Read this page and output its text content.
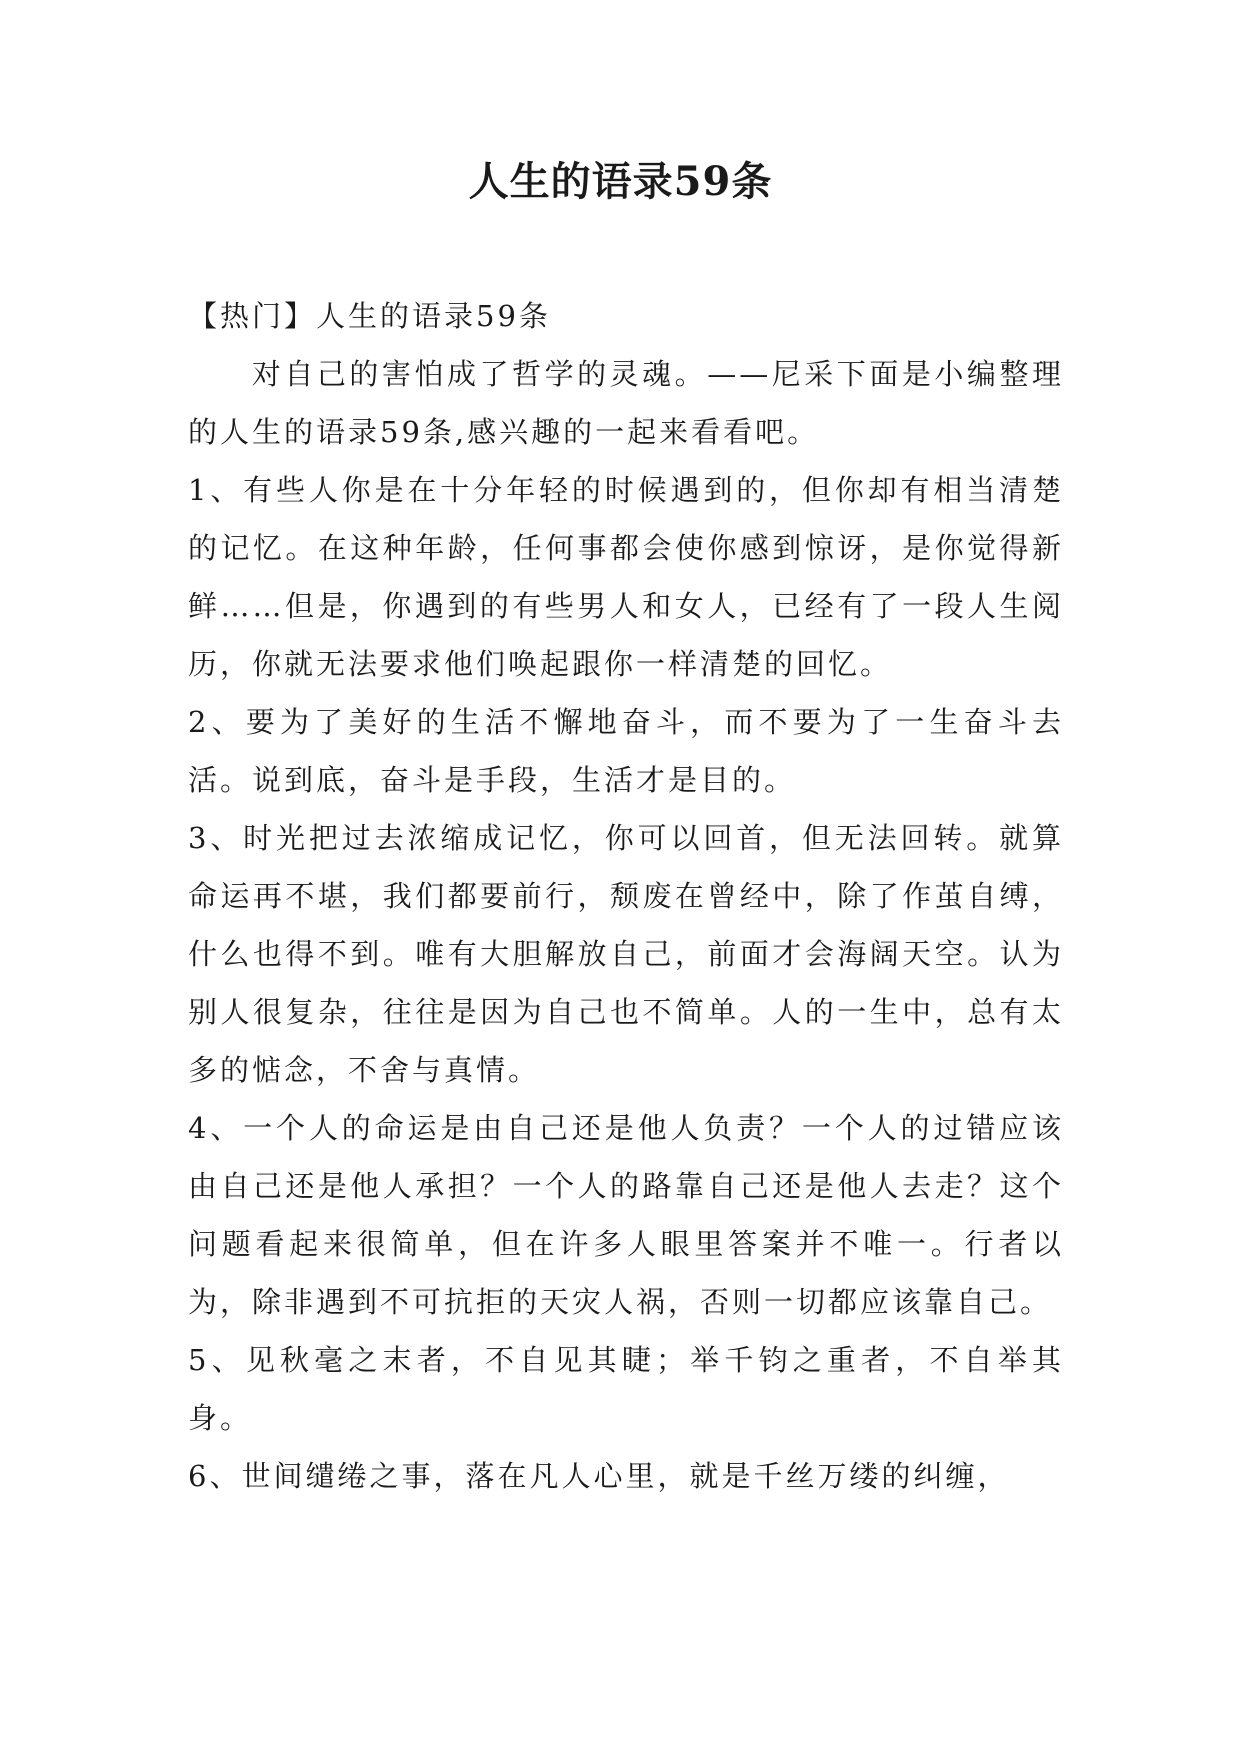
人生的语录59条

【热门】人生的语录59条

对自己的害怕成了哲学的灵魂。——尼采下面是小编整理的人生的语录59条,感兴趣的一起来看看吧。

1、有些人你是在十分年轻的时候遇到的，但你却有相当清楚的记忆。在这种年龄，任何事都会使你感到惊讶，是你觉得新鲜……但是，你遇到的有些男人和女人，已经有了一段人生阅历，你就无法要求他们唤起跟你一样清楚的回忆。

2、要为了美好的生活不懈地奋斗，而不要为了一生奋斗去活。说到底，奋斗是手段，生活才是目的。

3、时光把过去浓缩成记忆，你可以回首，但无法回转。就算命运再不堪，我们都要前行，颓废在曾经中，除了作茧自缚，什么也得不到。唯有大胆解放自己，前面才会海阔天空。认为别人很复杂，往往是因为自己也不简单。人的一生中，总有太多的惦念，不舍与真情。

4、一个人的命运是由自己还是他人负责？一个人的过错应该由自己还是他人承担？一个人的路靠自己还是他人去走？这个问题看起来很简单，但在许多人眼里答案并不唯一。行者以为，除非遇到不可抗拒的天灾人祸，否则一切都应该靠自己。

5、见秋毫之末者，不自见其睫；举千钧之重者，不自举其身。

6、世间缱绻之事，落在凡人心里，就是千丝万缕的纠缠，
